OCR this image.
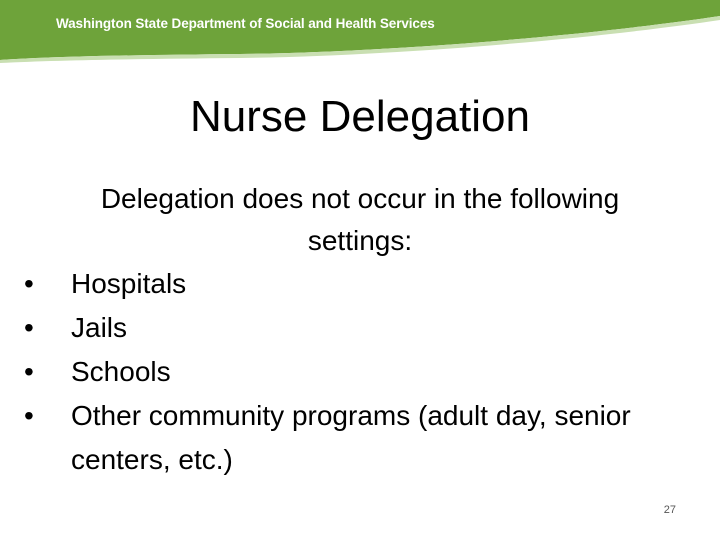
Washington State Department of Social and Health Services
Nurse Delegation
Delegation does not occur in the following settings:
•	Hospitals
•	Jails
•	Schools
•	Other community programs (adult day, senior centers, etc.)
27
